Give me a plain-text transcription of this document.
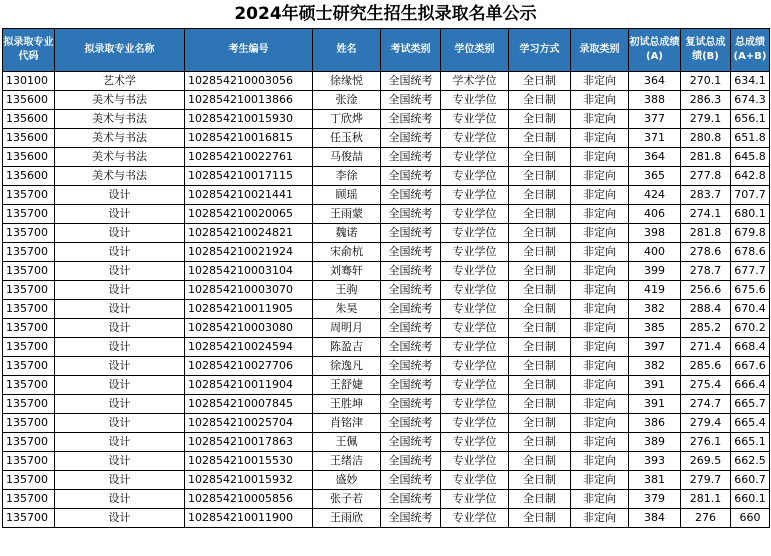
2024年硕士研究生招生拟录取名单公示
拟录取专业代码	拟录取专业名称	考生编号	姓名	考试类别	学位类别	学习方式	录取类别	初试总成绩(A)	复试总成绩(B)	总成绩(A+B)
130100	艺术学	102854210003056	徐缘悦	全国统考	学术学位	全日制	非定向	364	270.1	634.1
135600	美术与书法	102854210013866	张淦	全国统考	专业学位	全日制	非定向	388	286.3	674.3
135600	美术与书法	102854210015930	丁欣烨	全国统考	专业学位	全日制	非定向	377	279.1	656.1
135600	美术与书法	102854210016815	任玉秋	全国统考	专业学位	全日制	非定向	371	280.8	651.8
135600	美术与书法	102854210022761	马俊喆	全国统考	专业学位	全日制	非定向	364	281.8	645.8
135600	美术与书法	102854210017115	李徐	全国统考	专业学位	全日制	非定向	365	277.8	642.8
135700	设计	102854210021441	顾瑶	全国统考	专业学位	全日制	非定向	424	283.7	707.7
135700	设计	102854210020065	王雨蒙	全国统考	专业学位	全日制	非定向	406	274.1	680.1
135700	设计	102854210024821	魏诺	全国统考	专业学位	全日制	非定向	398	281.8	679.8
135700	设计	102854210021924	宋俞杭	全国统考	专业学位	全日制	非定向	400	278.6	678.6
135700	设计	102854210003104	刘骞轩	全国统考	专业学位	全日制	非定向	399	278.7	677.7
135700	设计	102854210003070	王驹	全国统考	专业学位	全日制	非定向	419	256.6	675.6
135700	设计	102854210011905	朱昊	全国统考	专业学位	全日制	非定向	382	288.4	670.4
135700	设计	102854210003080	周明月	全国统考	专业学位	全日制	非定向	385	285.2	670.2
135700	设计	102854210024594	陈盈吉	全国统考	专业学位	全日制	非定向	397	271.4	668.4
135700	设计	102854210027706	徐逸凡	全国统考	专业学位	全日制	非定向	382	285.6	667.6
135700	设计	102854210011904	王舒婕	全国统考	专业学位	全日制	非定向	391	275.4	666.4
135700	设计	102854210007845	王胜坤	全国统考	专业学位	全日制	非定向	391	274.7	665.7
135700	设计	102854210025704	肖铭津	全国统考	专业学位	全日制	非定向	386	279.4	665.4
135700	设计	102854210017863	王佩	全国统考	专业学位	全日制	非定向	389	276.1	665.1
135700	设计	102854210015530	王绪洁	全国统考	专业学位	全日制	非定向	393	269.5	662.5
135700	设计	102854210015932	盛妙	全国统考	专业学位	全日制	非定向	381	279.7	660.7
135700	设计	102854210005856	张子若	全国统考	专业学位	全日制	非定向	379	281.1	660.1
135700	设计	102854210011900	王雨欣	全国统考	专业学位	全日制	非定向	384	276	660
